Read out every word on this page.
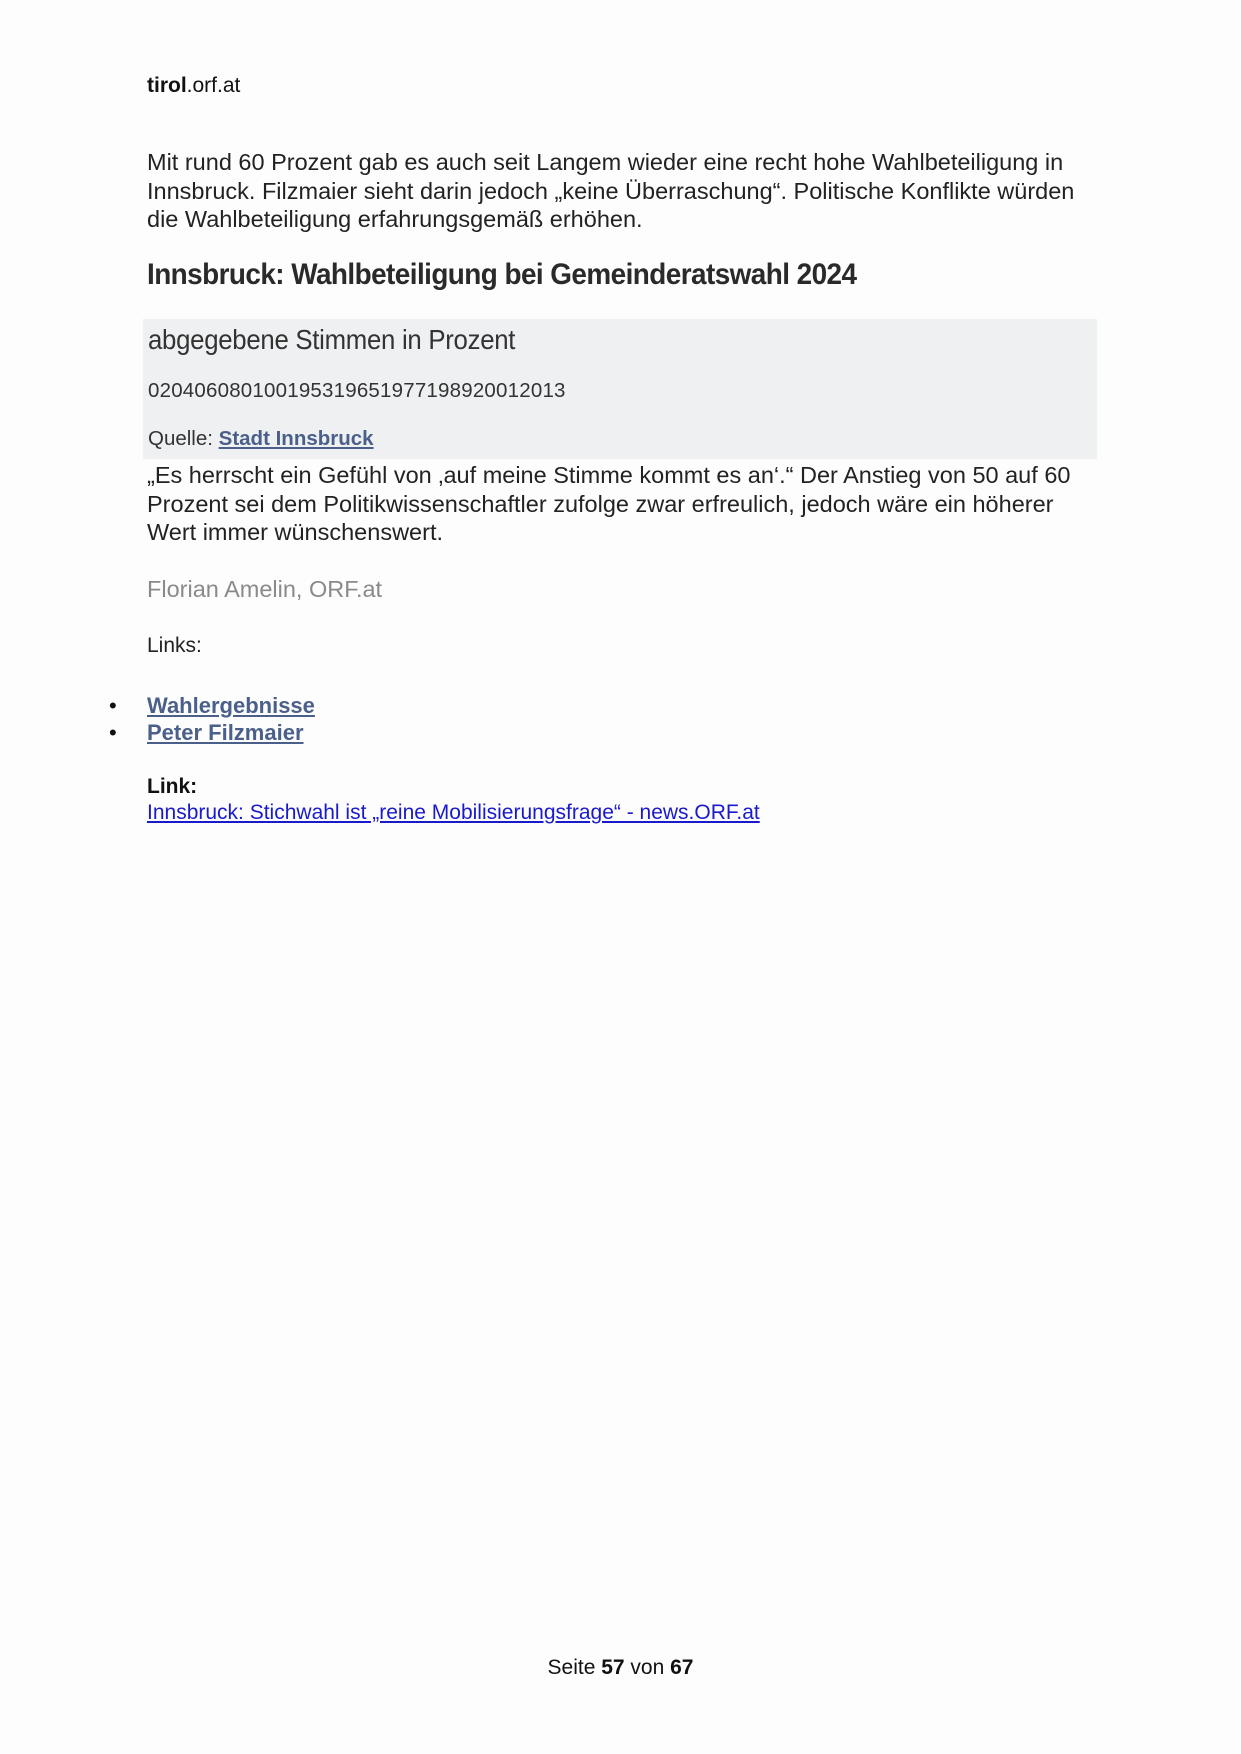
tirol.orf.at

Mit rund 60 Prozent gab es auch seit Langem wieder eine recht hohe Wahlbeteiligung in Innsbruck. Filzmaier sieht darin jedoch „keine Überraschung“. Politische Konflikte würden die Wahlbeteiligung erfahrungsgemäß erhöhen.

Innsbruck: Wahlbeteiligung bei Gemeinderatswahl 2024
abgegebene Stimmen in Prozent
020406080100195319651977198920012013
Quelle: Stadt Innsbruck

„Es herrscht ein Gefühl von ‚auf meine Stimme kommt es an‘.“ Der Anstieg von 50 auf 60 Prozent sei dem Politikwissenschaftler zufolge zwar erfreulich, jedoch wäre ein höherer Wert immer wünschenswert.

Florian Amelin, ORF.at
Links:
• Wahlergebnisse
• Peter Filzmaier
Link:
Innsbruck: Stichwahl ist „reine Mobilisierungsfrage“ - news.ORF.at
Seite 57 von 67
